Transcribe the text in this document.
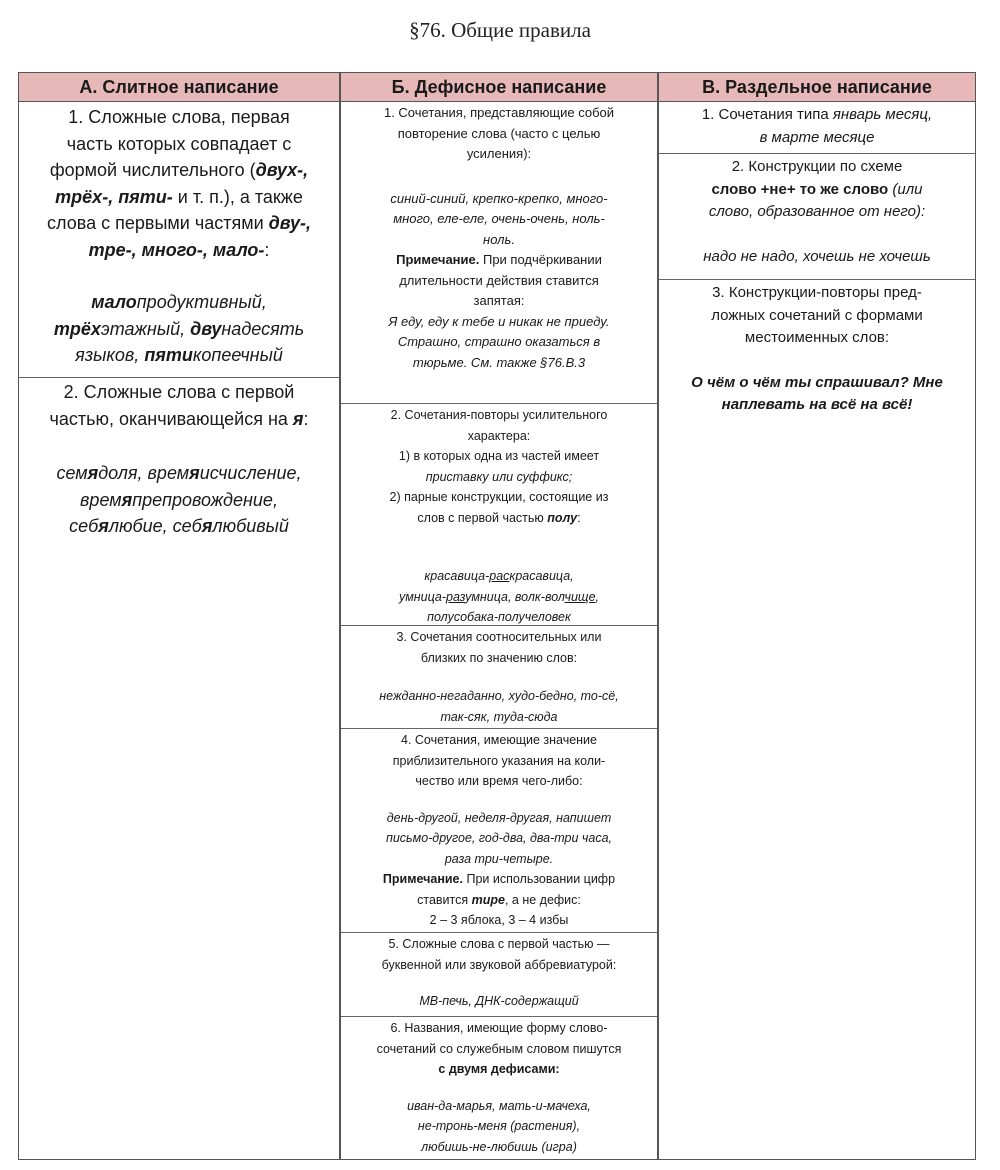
§76. Общие правила
А. Слитное написание

1. Сложные слова, первая

часть которых совпадает с

формой числительного (двух-,

трёх-, пяти- и т. п.), а также

слова с первыми частями дву-,

тре-, много-, мало-:

малопродуктивный,

трёхэтажный, двунадесять

языков, пятикопеечный

2. Сложные слова с первой

частью, оканчивающейся на я:

семядоля, времяисчисление,

времяпрепровождение,

себялюбие, себялюбивый

Б. Дефисное написание

1. Сочетания, представляющие собой

повторение слова (часто с целью

усиления):

синий-синий, крепко-крепко, много-

много, еле-еле, очень-очень, ноль-

ноль.

Примечание. При подчёркивании

длительности действия ставится

запятая:

Я еду, еду к тебе и никак не приеду.

Страшно, страшно оказаться в

тюрьме. См. также §76.В.3

2. Сочетания-повторы усилительного

характера:

1) в которых одна из частей имеет

приставку или суффикс;

2) парные конструкции, состоящие из

слов с первой частью полу:

красавица-раскрасавица,

умница-разумница, волк-волчище,

полусобака-получеловек

3. Сочетания соотносительных или

близких по значению слов:

нежданно-негаданно, худо-бедно, то-сё,

так-сяк, туда-сюда

4. Сочетания, имеющие значение

приблизительного указания на коли-

чество или время чего-либо:

день-другой, неделя-другая, напишет

письмо-другое, год-два, два-три часа,

раза три-четыре.

Примечание. При использовании цифр

ставится тире, а не дефис:

2 – 3 яблока, 3 – 4 избы

5. Сложные слова с первой частью —

буквенной или звуковой аббревиатурой:

МВ-печь, ДНК-содержащий

6. Названия, имеющие форму слово-

сочетаний со служебным словом пишутся

с двумя дефисами:

иван-да-марья, мать-и-мачеха,

не-тронь-меня (растения),

любишь-не-любишь (игра)

В. Раздельное написание

1. Сочетания типа январь месяц,

в марте месяце

2. Конструкции по схеме

слово +не+ то же слово (или

слово, образованное от него):

надо не надо, хочешь не хочешь

3. Конструкции-повторы пред-

ложных сочетаний с формами

местоименных слов:

О чём о чём ты спрашивал? Мне

наплевать на всё на всё!
